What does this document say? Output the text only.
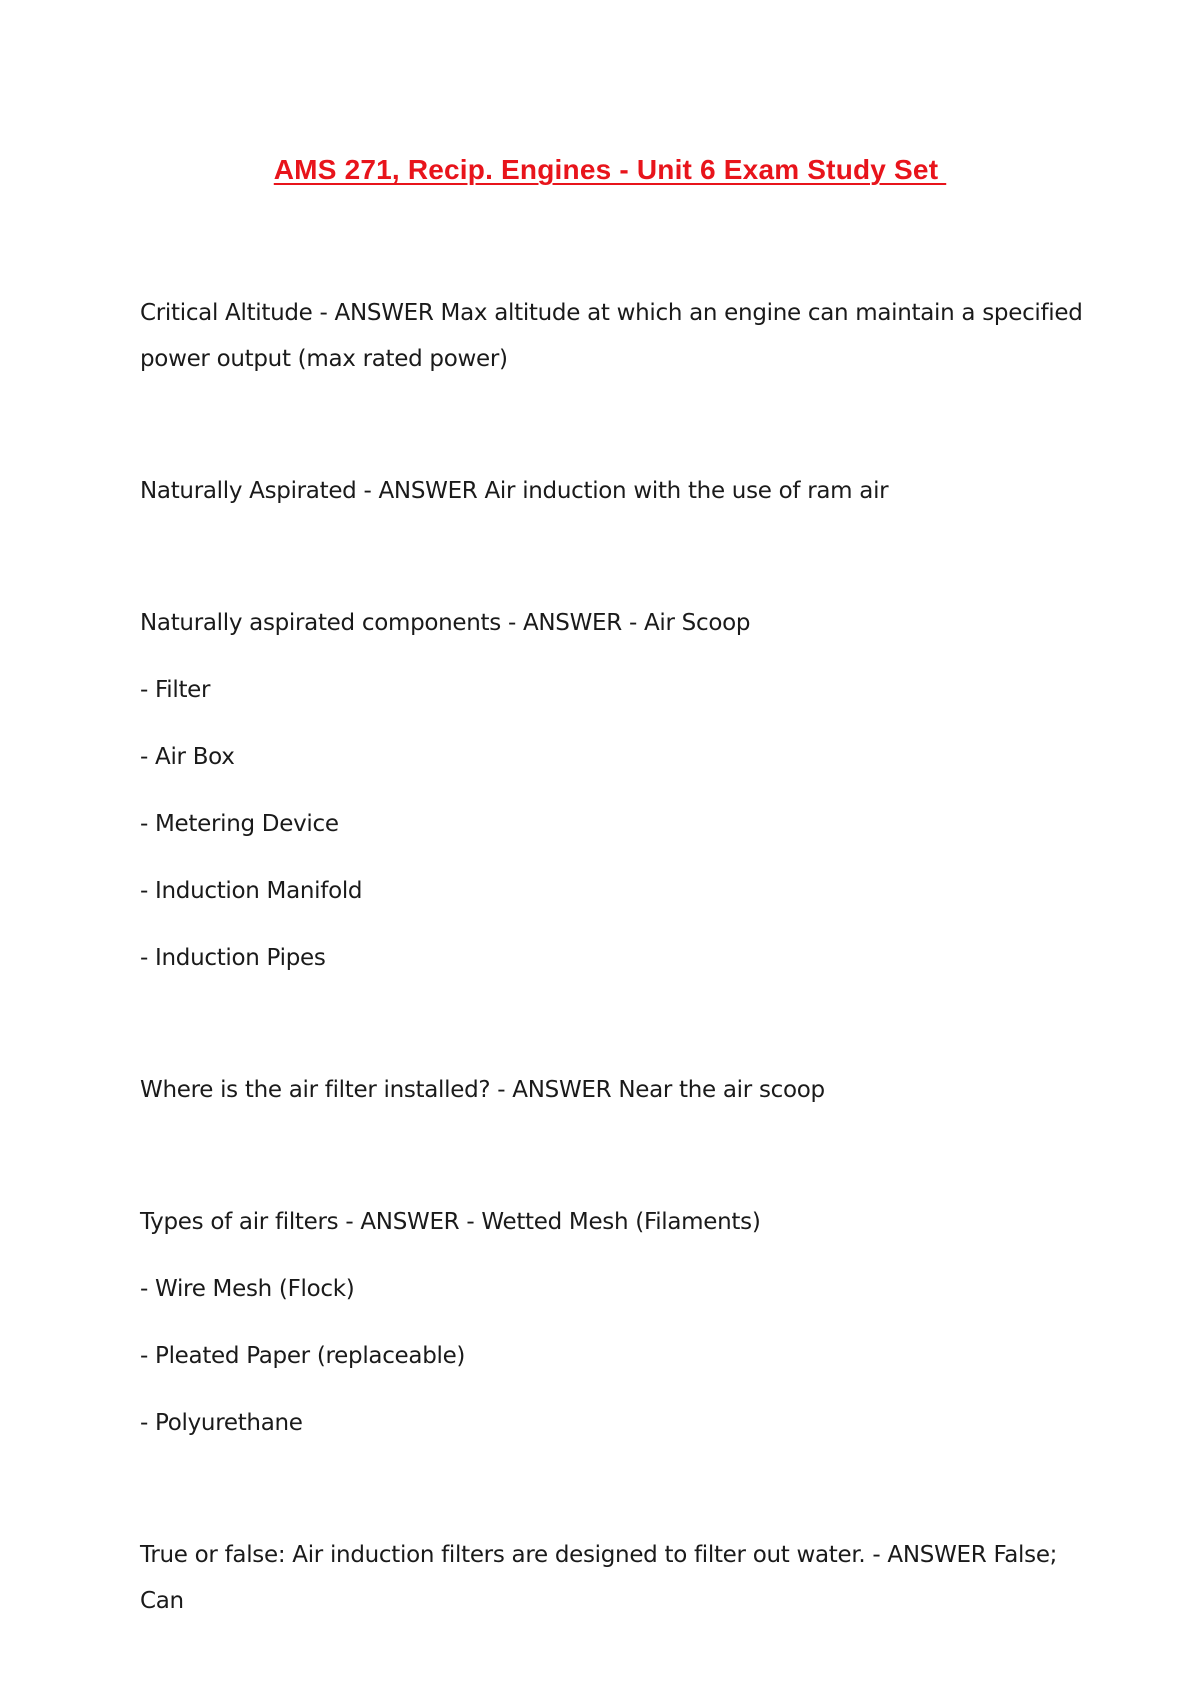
AMS 271, Recip. Engines - Unit 6 Exam Study Set
Critical Altitude - ANSWER Max altitude at which an engine can maintain a specified
power output (max rated power)
Naturally Aspirated - ANSWER Air induction with the use of ram air
Naturally aspirated components - ANSWER - Air Scoop
- Filter
- Air Box
- Metering Device
- Induction Manifold
- Induction Pipes
Where is the air filter installed? - ANSWER Near the air scoop
Types of air filters - ANSWER - Wetted Mesh (Filaments)
- Wire Mesh (Flock)
- Pleated Paper (replaceable)
- Polyurethane
True or false: Air induction filters are designed to filter out water. - ANSWER False; Can
